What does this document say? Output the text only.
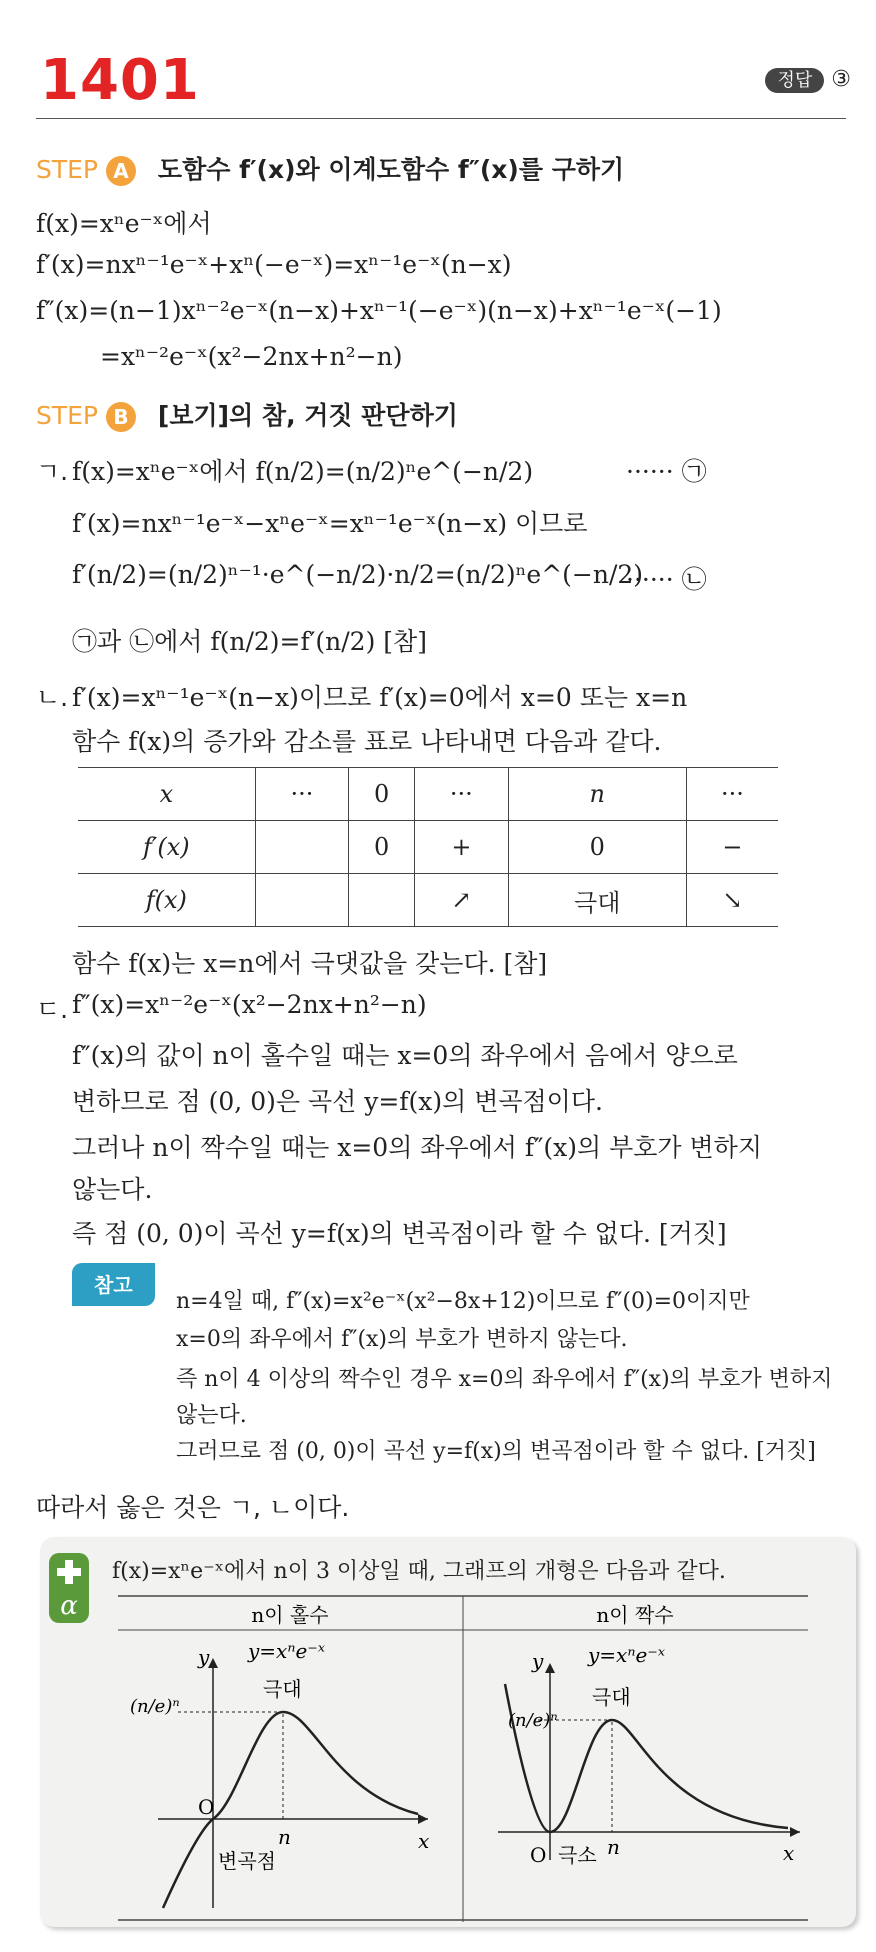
1401	정답 ③
STEP A 도함수 f′(x)와 이계도함수 f″(x)를 구하기
f(x)=xⁿe⁻ˣ에서
f′(x)=nxⁿ⁻¹e⁻ˣ+xⁿ(−e⁻ˣ)=xⁿ⁻¹e⁻ˣ(n−x)
f″(x)=(n−1)xⁿ⁻²e⁻ˣ(n−x)+xⁿ⁻¹(−e⁻ˣ)(n−x)+xⁿ⁻¹e⁻ˣ(−1)
=xⁿ⁻²e⁻ˣ(x²−2nx+n²−n)
STEP B [보기]의 참, 거짓 판단하기
ㄱ. f(x)=xⁿe⁻ˣ에서 f(n/2)=(n/2)ⁿe^(−n/2)	······ ㉠
f′(x)=nxⁿ⁻¹e⁻ˣ−xⁿe⁻ˣ=xⁿ⁻¹e⁻ˣ(n−x) 이므로
f′(n/2)=(n/2)ⁿ⁻¹·e^(−n/2)·n/2=(n/2)ⁿe^(−n/2)
······ ㉡
㉠과 ㉡에서 f(n/2)=f′(n/2) [참]
ㄴ. f′(x)=xⁿ⁻¹e⁻ˣ(n−x)이므로 f′(x)=0에서 x=0 또는 x=n
함수 f(x)의 증가와 감소를 표로 나타내면 다음과 같다.
x	···	0	···	n	···
f′(x)		0	+	0	−
f(x)			↗	극대	↘
함수 f(x)는 x=n에서 극댓값을 갖는다. [참]
ㄷ. f″(x)=xⁿ⁻²e⁻ˣ(x²−2nx+n²−n)
f″(x)의 값이 n이 홀수일 때는 x=0의 좌우에서 음에서 양으로
변하므로 점 (0, 0)은 곡선 y=f(x)의 변곡점이다.
그러나 n이 짝수일 때는 x=0의 좌우에서 f″(x)의 부호가 변하지
않는다.
즉 점 (0, 0)이 곡선 y=f(x)의 변곡점이라 할 수 없다. [거짓]
참고
n=4일 때, f″(x)=x²e⁻ˣ(x²−8x+12)이므로 f″(0)=0이지만
x=0의 좌우에서 f″(x)의 부호가 변하지 않는다.
즉 n이 4 이상의 짝수인 경우 x=0의 좌우에서 f″(x)의 부호가 변하지
않는다.
그러므로 점 (0, 0)이 곡선 y=f(x)의 변곡점이라 할 수 없다. [거짓]
따라서 옳은 것은 ㄱ, ㄴ이다.
α
f(x)=xⁿe⁻ˣ에서 n이 3 이상일 때, 그래프의 개형은 다음과 같다.
n이 홀수	n이 짝수
y
x
y=xⁿe⁻ˣ
극대
(n/e)ⁿ
O
n
변곡점
y
x
y=xⁿe⁻ˣ
극대
(n/e)ⁿ
O 극소 n
